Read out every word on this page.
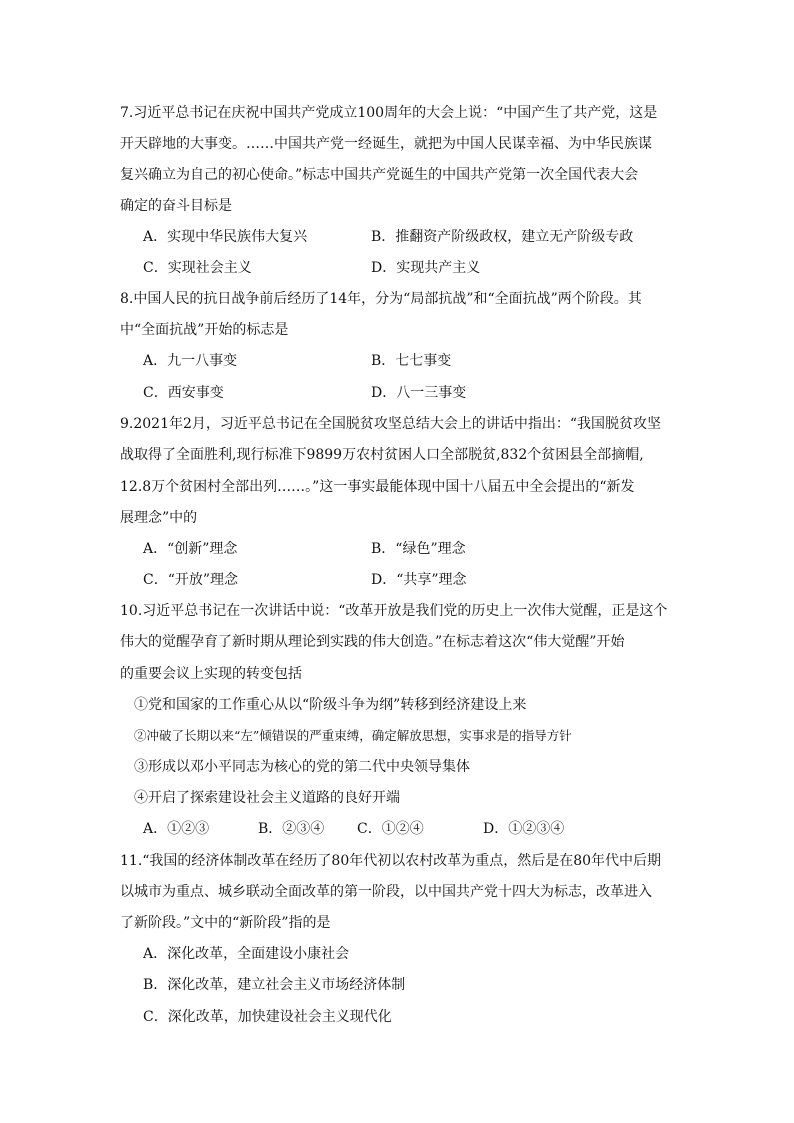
7.习近平总书记在庆祝中国共产党成立100周年的大会上说：“中国产生了共产党，这是
开天辟地的大事变。……中国共产党一经诞生，就把为中国人民谋幸福、为中华民族谋
复兴确立为自己的初心使命。”标志中国共产党诞生的中国共产党第一次全国代表大会
确定的奋斗目标是
A．实现中华民族伟大复兴	B．推翻资产阶级政权，建立无产阶级专政
C．实现社会主义	D．实现共产主义
8.中国人民的抗日战争前后经历了14年，分为“局部抗战”和“全面抗战”两个阶段。其
中“全面抗战”开始的标志是
A．九一八事变	B．七七事变
C．西安事变	D．八一三事变
9.2021年2月，习近平总书记在全国脱贫攻坚总结大会上的讲话中指出：“我国脱贫攻坚
战取得了全面胜利,现行标准下9899万农村贫困人口全部脱贫,832个贫困县全部摘帽,
12.8万个贫困村全部出列……。”这一事实最能体现中国十八届五中全会提出的“新发
展理念”中的
A．“创新”理念	B．“绿色”理念
C．“开放”理念	D．“共享”理念
10.习近平总书记在一次讲话中说：“改革开放是我们党的历史上一次伟大觉醒，正是这个
伟大的觉醒孕育了新时期从理论到实践的伟大创造。”在标志着这次“伟大觉醒”开始
的重要会议上实现的转变包括
①党和国家的工作重心从以“阶级斗争为纲”转移到经济建设上来
②冲破了长期以来“左”倾错误的严重束缚，确定解放思想，实事求是的指导方针
③形成以邓小平同志为核心的党的第二代中央领导集体
④开启了探索建设社会主义道路的良好开端
A．①②③	B．②③④ C．①②④	D．①②③④
11.“我国的经济体制改革在经历了80年代初以农村改革为重点，然后是在80年代中后期
以城市为重点、城乡联动全面改革的第一阶段，以中国共产党十四大为标志，改革进入
了新阶段。”文中的“新阶段”指的是
A．深化改革，全面建设小康社会
B．深化改革，建立社会主义市场经济体制
C．深化改革，加快建设社会主义现代化
